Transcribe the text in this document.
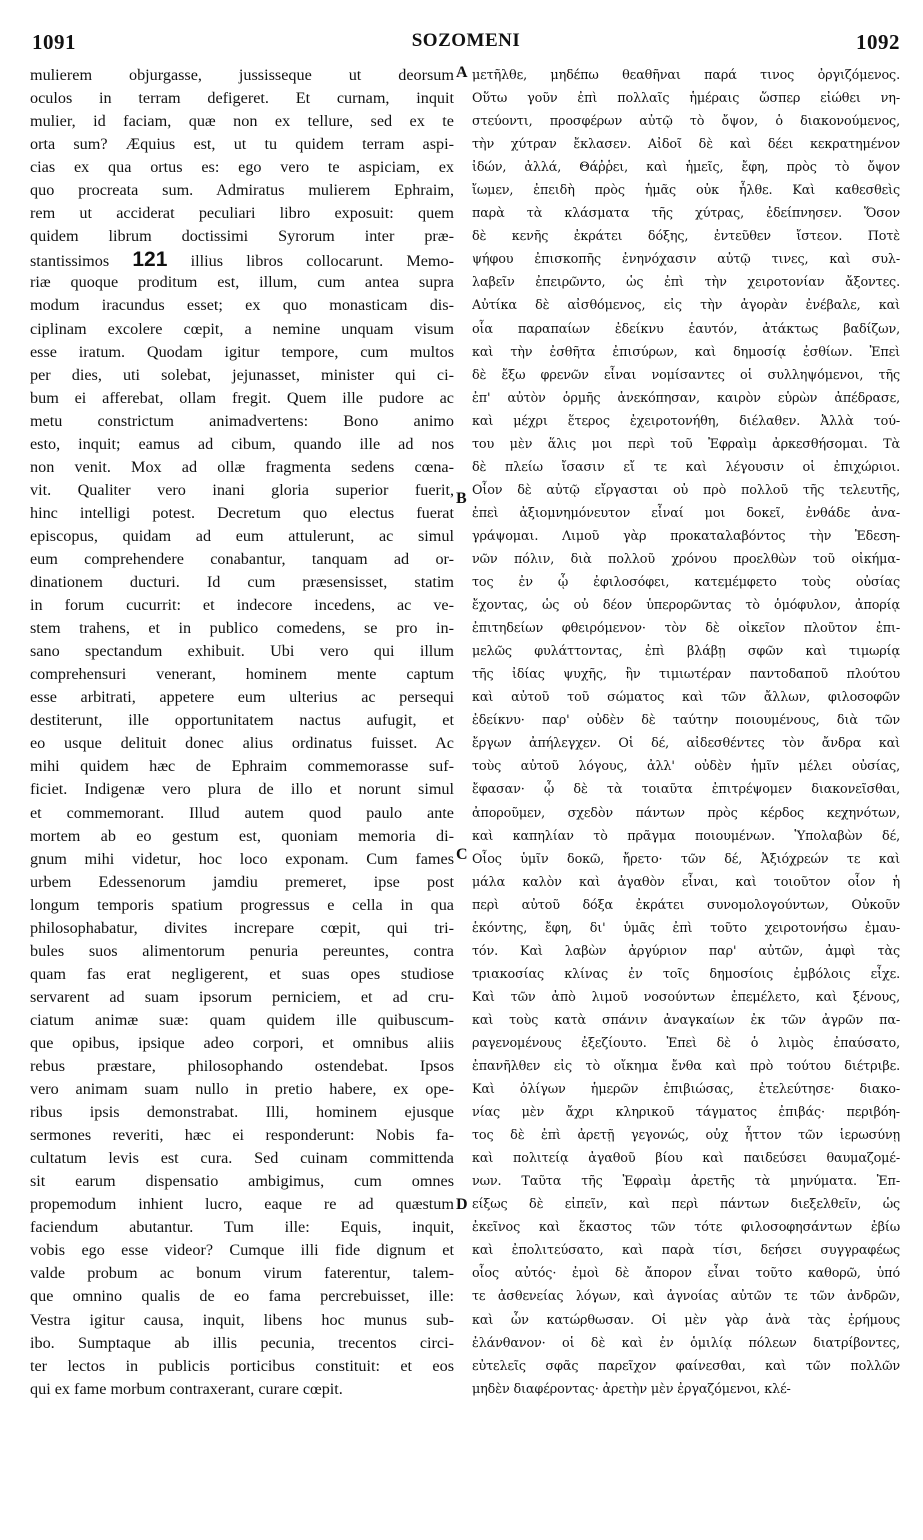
1091	SOZOMENI	1092
mulierem objurgasse, jussisseque ut deorsum
oculos in terram defigeret. Et curnam, inquit
mulier, id faciam, quæ non ex tellure, sed ex te
orta sum? Æquius est, ut tu quidem terram aspi-
cias ex qua ortus es: ego vero te aspiciam, ex
quo procreata sum. Admiratus mulierem Ephraim,
rem ut acciderat peculiari libro exposuit: quem
quidem librum doctissimi Syrorum inter præ-
stantissimos 121 illius libros collocarunt. Memo-
riæ quoque proditum est, illum, cum antea supra
modum iracundus esset; ex quo monasticam dis-
ciplinam excolere cœpit, a nemine unquam visum
esse iratum. Quodam igitur tempore, cum multos
per dies, uti solebat, jejunasset, minister qui ci-
bum ei afferebat, ollam fregit. Quem ille pudore ac
metu constrictum animadvertens: Bono animo
esto, inquit; eamus ad cibum, quando ille ad nos
non venit. Mox ad ollæ fragmenta sedens cœna-
vit. Qualiter vero inani gloria superior fuerit,
hinc intelligi potest. Decretum quo electus fuerat
episcopus, quidam ad eum attulerunt, ac simul
eum comprehendere conabantur, tanquam ad or-
dinationem ducturi. Id cum præsensisset, statim
in forum cucurrit: et indecore incedens, ac ve-
stem trahens, et in publico comedens, se pro in-
sano spectandum exhibuit. Ubi vero qui illum
comprehensuri venerant, hominem mente captum
esse arbitrati, appetere eum ulterius ac persequi
destiterunt, ille opportunitatem nactus aufugit, et
eo usque delituit donec alius ordinatus fuisset. Ac
mihi quidem hæc de Ephraim commemorasse suf-
ficiet. Indigenæ vero plura de illo et norunt simul
et commemorant. Illud autem quod paulo ante
mortem ab eo gestum est, quoniam memoria di-
gnum mihi videtur, hoc loco exponam. Cum fames
urbem Edessenorum jamdiu premeret, ipse post
longum temporis spatium progressus e cella in qua
philosophabatur, divites increpare cœpit, qui tri-
bules suos alimentorum penuria pereuntes, contra
quam fas erat negligerent, et suas opes studiose
servarent ad suam ipsorum perniciem, et ad cru-
ciatum animæ suæ: quam quidem ille quibuscum-
que opibus, ipsique adeo corpori, et omnibus aliis
rebus præstare, philosophando ostendebat. Ipsos
vero animam suam nullo in pretio habere, ex ope-
ribus ipsis demonstrabat. Illi, hominem ejusque
sermones reveriti, hæc ei responderunt: Nobis fa-
cultatum levis est cura. Sed cuinam committenda
sit earum dispensatio ambigimus, cum omnes
propemodum inhient lucro, eaque re ad quæstum
faciendum abutantur. Tum ille: Equis, inquit,
vobis ego esse videor? Cumque illi fide dignum et
valde probum ac bonum virum faterentur, talem-
que omnino qualis de eo fama percrebuisset, ille:
Vestra igitur causa, inquit, libens hoc munus sub-
ibo. Sumptaque ab illis pecunia, trecentos circi-
ter lectos in publicis porticibus constituit: et eos
qui ex fame morbum contraxerant, curare cœpit.
μετῆλθε, μηδέπω θεαθῆναι παρά τινος ὀργιζόμενος.
Οὕτω γοῦν ἐπὶ πολλαῖς ἡμέραις ὥσπερ εἰώθει νη-
στεύοντι, προσφέρων αὐτῷ τὸ ὄψον, ὁ διακονούμενος,
τὴν χύτραν ἔκλασεν. Αἰδοῖ δὲ καὶ δέει κεκρατημένον
ἰδών, ἀλλά, Θάῤῥει, καὶ ἡμεῖς, ἔφη, πρὸς τὸ ὄψον
ἴωμεν, ἐπειδὴ πρὸς ἡμᾶς οὐκ ἦλθε. Καὶ καθεσθεὶς
παρὰ τὰ κλάσματα τῆς χύτρας, ἐδείπνησεν. Ὅσον
δὲ κενῆς ἐκράτει δόξης, ἐντεῦθεν ἴστεον. Ποτὲ
ψήφου ἐπισκοπῆς ἐνηνόχασιν αὐτῷ τινες, καὶ συλ-
λαβεῖν ἐπειρῶντο, ὡς ἐπὶ τὴν χειροτονίαν ἄξοντες.
Αὐτίκα δὲ αἰσθόμενος, εἰς τὴν ἀγορὰν ἐνέβαλε, καὶ
οἷα παραπαίων ἐδείκνυ ἑαυτόν, ἀτάκτως βαδίζων,
καὶ τὴν ἐσθῆτα ἐπισύρων, καὶ δημοσίᾳ ἐσθίων. Ἐπεὶ
δὲ ἔξω φρενῶν εἶναι νομίσαντες οἱ συλληψόμενοι, τῆς
ἐπ' αὐτὸν ὁρμῆς ἀνεκόπησαν, καιρὸν εὑρὼν ἀπέδρασε,
καὶ μέχρι ἕτερος ἐχειροτονήθη, διέλαθεν. Ἀλλὰ τού-
του μὲν ἅλις μοι περὶ τοῦ Ἐφραὶμ ἀρκεσθήσομαι. Τὰ
δὲ πλείω ἴσασιν εἴ τε καὶ λέγουσιν οἱ ἐπιχώριοι.
Οἷον δὲ αὐτῷ εἴργασται οὐ πρὸ πολλοῦ τῆς τελευτῆς,
ἐπεὶ ἀξιομνημόνευτον εἶναί μοι δοκεῖ, ἐνθάδε ἀνα-
γράψομαι. Λιμοῦ γὰρ προκαταλαβόντος τὴν Ἐδεση-
νῶν πόλιν, διὰ πολλοῦ χρόνου προελθὼν τοῦ οἰκήμα-
τος ἐν ᾧ ἐφιλοσόφει, κατεμέμφετο τοὺς οὐσίας
ἔχοντας, ὡς οὐ δέον ὑπερορῶντας τὸ ὁμόφυλον, ἀπορίᾳ
ἐπιτηδείων φθειρόμενον· τὸν δὲ οἰκεῖον πλοῦτον ἐπι-
μελῶς φυλάττοντας, ἐπὶ βλάβῃ σφῶν καὶ τιμωρίᾳ
τῆς ἰδίας ψυχῆς, ἣν τιμιωτέραν παντοδαποῦ πλούτου
καὶ αὐτοῦ τοῦ σώματος καὶ τῶν ἄλλων, φιλοσοφῶν
ἐδείκνυ· παρ' οὐδὲν δὲ ταύτην ποιουμένους, διὰ τῶν
ἔργων ἀπήλεγχεν. Οἱ δέ, αἰδεσθέντες τὸν ἄνδρα καὶ
τοὺς αὐτοῦ λόγους, ἀλλ' οὐδὲν ἡμῖν μέλει οὐσίας,
ἔφασαν· ᾧ δὲ τὰ τοιαῦτα ἐπιτρέψομεν διακονεῖσθαι,
ἀποροῦμεν, σχεδὸν πάντων πρὸς κέρδος κεχηνότων,
καὶ καπηλίαν τὸ πρᾶγμα ποιουμένων. Ὑπολαβὼν δέ,
Οἷος ὑμῖν δοκῶ, ἤρετο· τῶν δέ, Ἀξιόχρεών τε καὶ
μάλα καλὸν καὶ ἀγαθὸν εἶναι, καὶ τοιοῦτον οἷον ἡ
περὶ αὐτοῦ δόξα ἐκράτει συνομολογούντων, Οὐκοῦν
ἑκόντης, ἔφη, δι' ὑμᾶς ἐπὶ τοῦτο χειροτονήσω ἐμαυ-
τόν. Καὶ λαβὼν ἀργύριον παρ' αὐτῶν, ἀμφὶ τὰς
τριακοσίας κλίνας ἐν τοῖς δημοσίοις ἐμβόλοις εἶχε.
Καὶ τῶν ἀπὸ λιμοῦ νοσούντων ἐπεμέλετο, καὶ ξένους,
καὶ τοὺς κατὰ σπάνιν ἀναγκαίων ἐκ τῶν ἀγρῶν πα-
ραγενομένους ἐξεζίουτο. Ἐπεὶ δὲ ὁ λιμὸς ἐπαύσατο,
ἐπανῆλθεν εἰς τὸ οἴκημα ἔνθα καὶ πρὸ τούτου διέτριβε.
Καὶ ὀλίγων ἡμερῶν ἐπιβιώσας, ἐτελεύτησε· διακο-
νίας μὲν ἄχρι κληρικοῦ τάγματος ἐπιβάς· περιβόη-
τος δὲ ἐπὶ ἀρετῇ γεγονώς, οὐχ ἧττον τῶν ἱερωσύνῃ
καὶ πολιτείᾳ ἀγαθοῦ βίου καὶ παιδεύσει θαυμαζομέ-
νων. Ταῦτα τῆς Ἐφραὶμ ἀρετῆς τὰ μηνύματα. Ἐπ-
είξως δὲ εἰπεῖν, καὶ περὶ πάντων διεξελθεῖν, ὡς
ἐκεῖνος καὶ ἕκαστος τῶν τότε φιλοσοφησάντων ἐβίω
καὶ ἐπολιτεύσατο, καὶ παρὰ τίσι, δεήσει συγγραφέως
οἷος αὐτός· ἐμοὶ δὲ ἄπορον εἶναι τοῦτο καθορῶ, ὑπό
τε ἀσθενείας λόγων, καὶ ἀγνοίας αὐτῶν τε τῶν ἀνδρῶν,
καὶ ὧν κατώρθωσαν. Οἱ μὲν γὰρ ἀνὰ τὰς ἐρήμους
ἐλάνθανον· οἱ δὲ καὶ ἐν ὁμιλίᾳ πόλεων διατρίβοντες,
εὐτελεῖς σφᾶς παρεῖχον φαίνεσθαι, καὶ τῶν πολλῶν
μηδὲν διαφέροντας· ἀρετὴν μὲν ἐργαζόμενοι, κλέ-
A
B
C
D
